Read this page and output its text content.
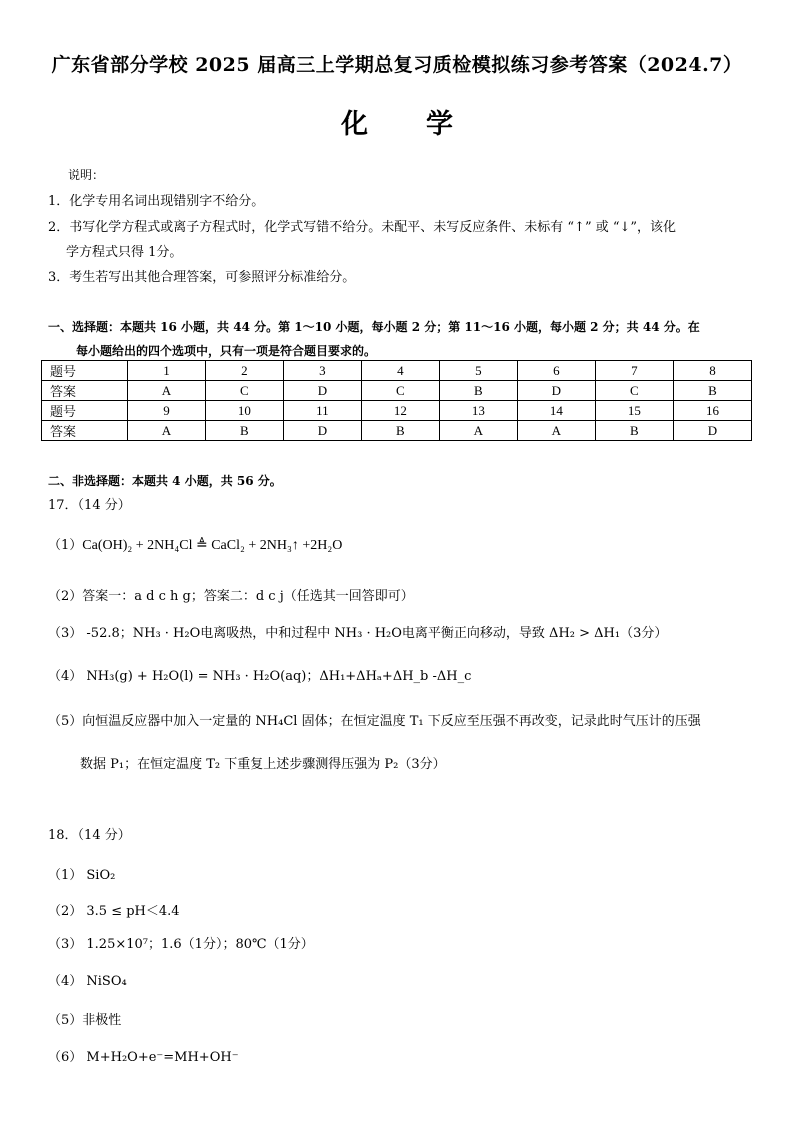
广东省部分学校 2025 届高三上学期总复习质检模拟练习参考答案（2024.7）
化学
说明：
1．化学专用名词出现错别字不给分。
2．书写化学方程式或离子方程式时，化学式写错不给分。未配平、未写反应条件、未标有 “↑” 或 “↓”，该化
学方程式只得 1分。
3．考生若写出其他合理答案，可参照评分标准给分。
一、选择题：本题共 16 小题，共 44 分。第 1～10 小题，每小题 2 分；第 11～16 小题，每小题 2 分；共 44 分。在
每小题给出的四个选项中，只有一项是符合题目要求的。
题号	1	2	3	4	5	6	7	8
答案	A	C	D	C	B	D	C	B
题号	9	10	11	12	13	14	15	16
答案	A	B	D	B	A	A	B	D
二、非选择题：本题共 4 小题，共 56 分。
17．（14 分）
（1）Ca(OH)₂ + 2NH₄Cl ≜ CaCl₂ + 2NH₃↑ +2H₂O
（2）答案一：a d c h g；答案二：d c j（任选其一回答即可）
（3） -52.8；NH₃ · H₂O电离吸热，中和过程中 NH₃ · H₂O电离平衡正向移动，导致 ΔH₂ > ΔH₁（3分）
（4） NH₃(g) + H₂O(l) = NH₃ · H₂O(aq)；ΔH₁+ΔHₐ+ΔH_b -ΔH_c
（5）向恒温反应器中加入一定量的 NH₄Cl 固体；在恒定温度 T₁ 下反应至压强不再改变，记录此时气压计的压强
数据 P₁；在恒定温度 T₂ 下重复上述步骤测得压强为 P₂（3分）
18．（14 分）
（1） SiO₂
（2） 3.5 ≤ pH＜4.4
（3） 1.25×10⁷；1.6（1分）；80℃（1分）
（4） NiSO₄
（5）非极性
（6） M+H₂O+e⁻=MH+OH⁻
